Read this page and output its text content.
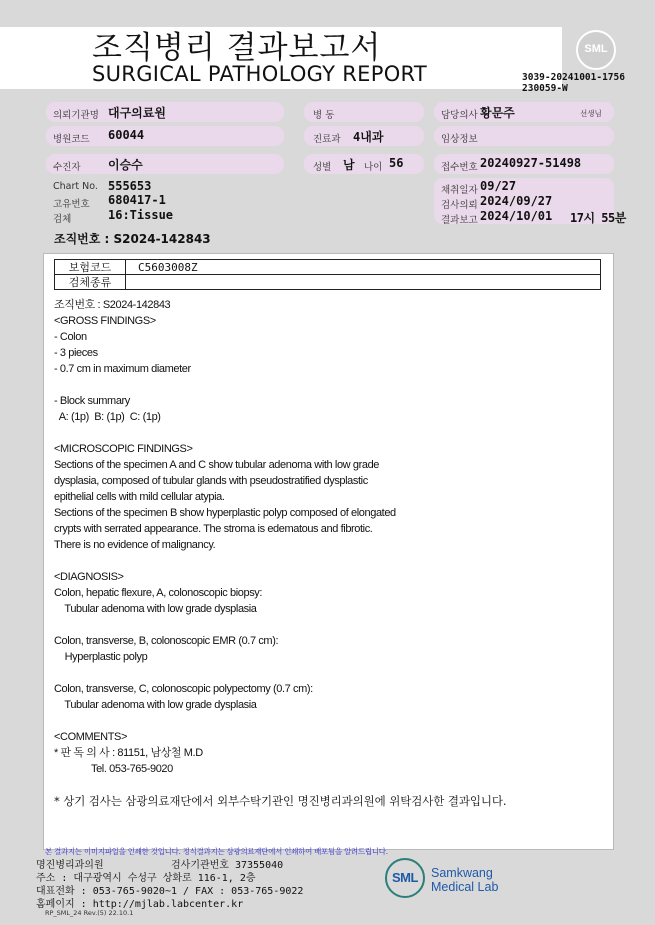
조직병리 결과보고서
SURGICAL PATHOLOGY REPORT
SML
3039-20241001-1756
230059-W
의뢰기관명 대구의료원	병 동	담당의사 황문주	선생님
병원코드 60044	진료과 4내과	임상정보
수진자 이승수	성별 남 나이 56	접수번호 20240927-51498
Chart No. 555653
고유번호 680417-1
검체	16:Tissue
채취일자 09/27
검사의뢰 2024/09/27
결과보고 2024/10/01 17시 55분
조직번호 : S2024-142843
보험코드	C5603008Z
검체종류	
조직번호 : S2024-142843
<GROSS FINDINGS>
- Colon
- 3 pieces
- 0.7 cm in maximum diameter
- Block summary
A: (1p)  B: (1p)  C: (1p)
<MICROSCOPIC FINDINGS>
Sections of the specimen A and C show tubular adenoma with low grade
dysplasia, composed of tubular glands with pseudostratified dysplastic
epithelial cells with mild cellular atypia.
Sections of the specimen B show hyperplastic polyp composed of elongated
crypts with serrated appearance. The stroma is edematous and fibrotic.
There is no evidence of malignancy.
<DIAGNOSIS>
Colon, hepatic flexure, A, colonoscopic biopsy:
Tubular adenoma with low grade dysplasia
Colon, transverse, B, colonoscopic EMR (0.7 cm):
Hyperplastic polyp
Colon, transverse, C, colonoscopic polypectomy (0.7 cm):
Tubular adenoma with low grade dysplasia
<COMMENTS>
* 판 독 의 사 : 81151, 남상철 M.D
Tel. 053-765-9020
* 상기 검사는 삼광의료재단에서 외부수탁기관인 명진병리과의원에 위탁검사한 결과입니다.
본 결과지는 이미지파일을 인쇄한 것입니다. 정식결과지는 삼광의료재단에서 인쇄하여 배포됨을 알려드립니다.
명진병리과의원	검사기관번호 37355040
주소 : 대구광역시 수성구 상화로 116-1, 2층
대표전화 : 053-765-9020~1 / FAX : 053-765-9022
홈페이지 : http://mjlab.labcenter.kr
RP_SML_24 Rev.(5) 22.10.1
SML	Samkwang
Medical Lab
